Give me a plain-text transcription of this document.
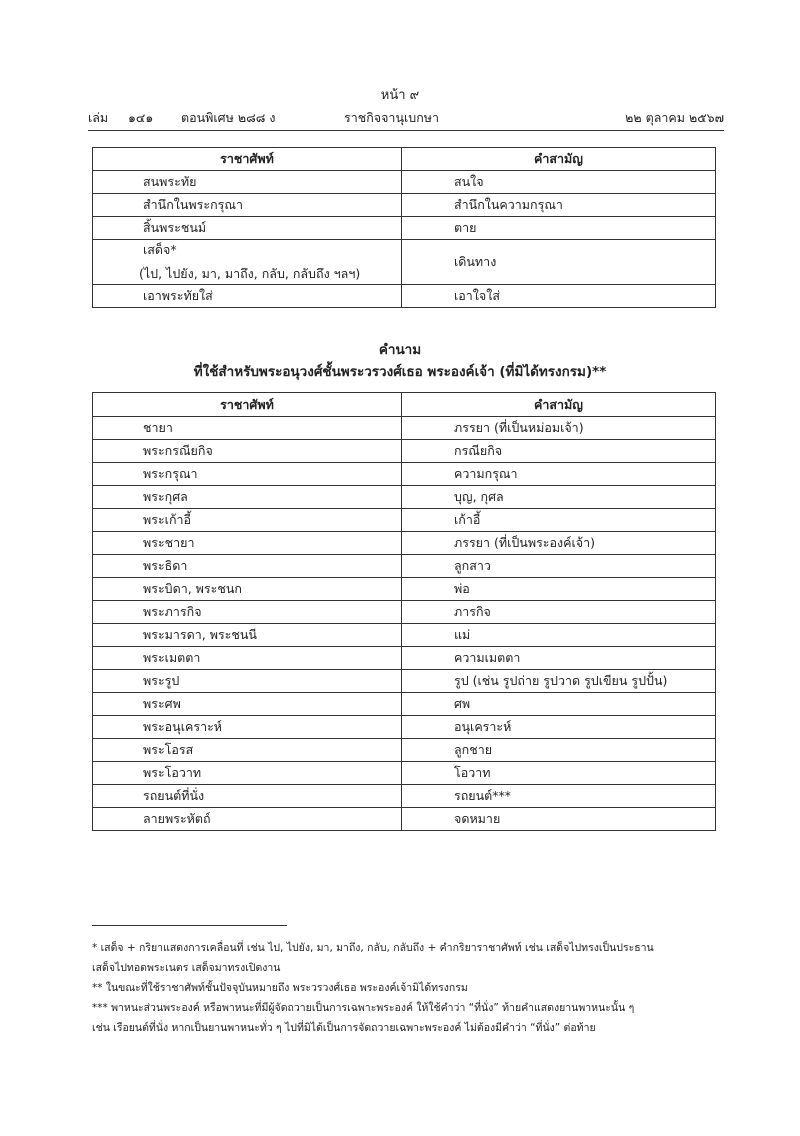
หน้า ๙
เล่ม ๑๔๑ ตอนพิเศษ ๒๘๘ ง	ราชกิจจานุเบกษา	๒๒ ตุลาคม ๒๕๖๗
ราชาศัพท์	คำสามัญ
สนพระทัย	สนใจ
สำนึกในพระกรุณา	สำนึกในความกรุณา
สิ้นพระชนม์	ตาย
เสด็จ*
(ไป, ไปยัง, มา, มาถึง, กลับ, กลับถึง ฯลฯ)	เดินทาง
เอาพระทัยใส่	เอาใจใส่
คำนาม
ที่ใช้สำหรับพระอนุวงศ์ชั้นพระวรวงศ์เธอ พระองค์เจ้า (ที่มิได้ทรงกรม)**
ราชาศัพท์	คำสามัญ
ชายา	ภรรยา (ที่เป็นหม่อมเจ้า)
พระกรณียกิจ	กรณียกิจ
พระกรุณา	ความกรุณา
พระกุศล	บุญ, กุศล
พระเก้าอี้	เก้าอี้
พระชายา	ภรรยา (ที่เป็นพระองค์เจ้า)
พระธิดา	ลูกสาว
พระบิดา, พระชนก	พ่อ
พระภารกิจ	ภารกิจ
พระมารดา, พระชนนี	แม่
พระเมตตา	ความเมตตา
พระรูป	รูป (เช่น รูปถ่าย รูปวาด รูปเขียน รูปปั้น)
พระศพ	ศพ
พระอนุเคราะห์	อนุเคราะห์
พระโอรส	ลูกชาย
พระโอวาท	โอวาท
รถยนต์ที่นั่ง	รถยนต์***
ลายพระหัตถ์	จดหมาย

* เสด็จ + กริยาแสดงการเคลื่อนที่ เช่น ไป, ไปยัง, มา, มาถึง, กลับ, กลับถึง + คำกริยาราชาศัพท์ เช่น เสด็จไปทรงเป็นประธาน

เสด็จไปทอดพระเนตร เสด็จมาทรงเปิดงาน

** ในขณะที่ใช้ราชาศัพท์ชั้นปัจจุบันหมายถึง พระวรวงศ์เธอ พระองค์เจ้ามิได้ทรงกรม

*** พาหนะส่วนพระองค์ หรือพาหนะที่มีผู้จัดถวายเป็นการเฉพาะพระองค์ ให้ใช้คำว่า “ที่นั่ง” ท้ายคำแสดงยานพาหนะนั้น ๆ

เช่น เรือยนต์ที่นั่ง หากเป็นยานพาหนะทั่ว ๆ ไปที่มิได้เป็นการจัดถวายเฉพาะพระองค์ ไม่ต้องมีคำว่า “ที่นั่ง” ต่อท้าย
